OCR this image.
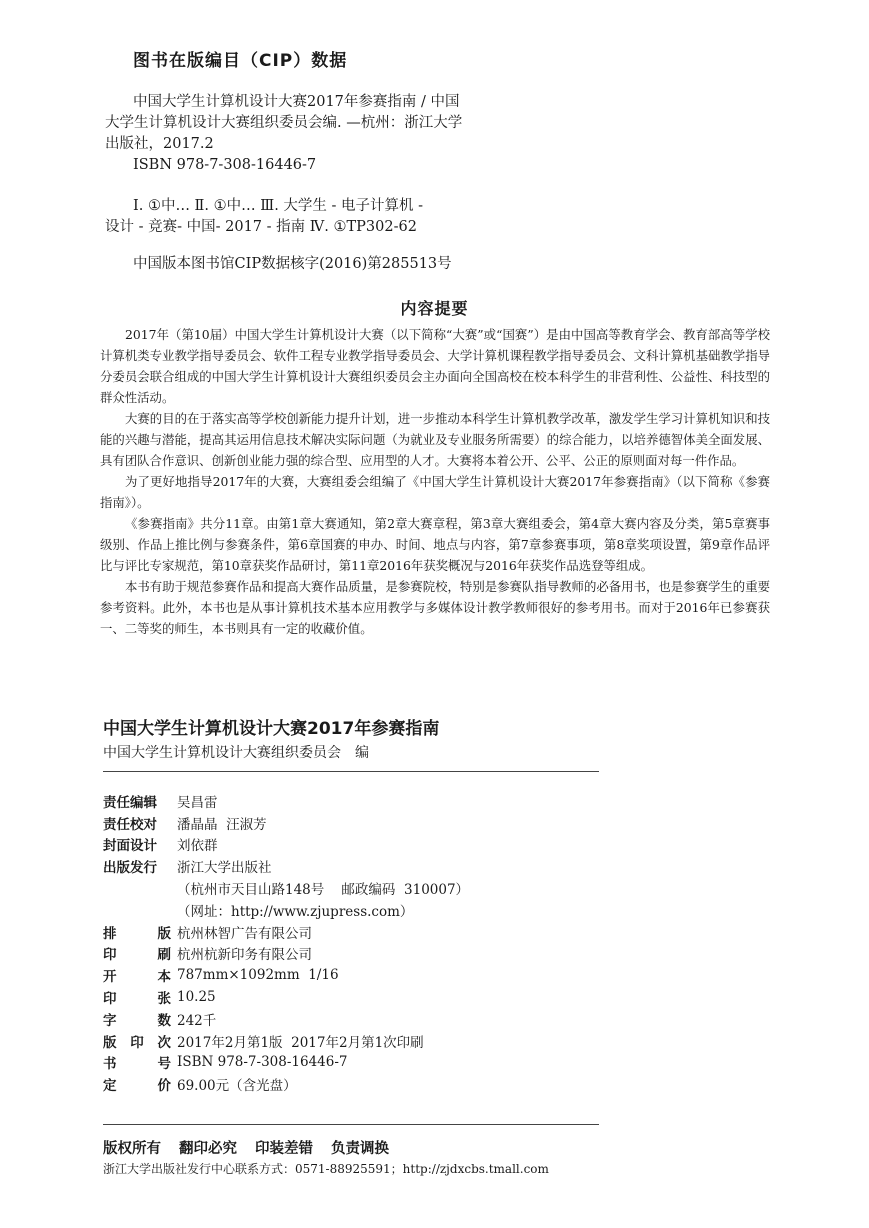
图书在版编目（CIP）数据

中国大学生计算机设计大赛2017年参赛指南 / 中国

大学生计算机设计大赛组织委员会编. —杭州：浙江大学

出版社，2017.2

ISBN 978-7-308-16446-7

Ⅰ. ①中… Ⅱ. ①中… Ⅲ. 大学生 - 电子计算机 -

设计 - 竞赛- 中国- 2017 - 指南 Ⅳ. ①TP302-62

中国版本图书馆CIP数据核字(2016)第285513号
内容提要

2017年（第10届）中国大学生计算机设计大赛（以下简称“大赛”或“国赛”）是由中国高等教育学会、教育部高等学校计算机类专业教学指导委员会、软件工程专业教学指导委员会、大学计算机课程教学指导委员会、文科计算机基础教学指导分委员会联合组成的中国大学生计算机设计大赛组织委员会主办面向全国高校在校本科学生的非营利性、公益性、科技型的群众性活动。

大赛的目的在于落实高等学校创新能力提升计划，进一步推动本科学生计算机教学改革，激发学生学习计算机知识和技能的兴趣与潜能，提高其运用信息技术解决实际问题（为就业及专业服务所需要）的综合能力，以培养德智体美全面发展、具有团队合作意识、创新创业能力强的综合型、应用型的人才。大赛将本着公开、公平、公正的原则面对每一件作品。

为了更好地指导2017年的大赛，大赛组委会组编了《中国大学生计算机设计大赛2017年参赛指南》（以下简称《参赛指南》）。

《参赛指南》共分11章。由第1章大赛通知，第2章大赛章程，第3章大赛组委会，第4章大赛内容及分类，第5章赛事级别、作品上推比例与参赛条件，第6章国赛的申办、时间、地点与内容，第7章参赛事项，第8章奖项设置，第9章作品评比与评比专家规范，第10章获奖作品研讨，第11章2016年获奖概况与2016年获奖作品选登等组成。

本书有助于规范参赛作品和提高大赛作品质量，是参赛院校，特别是参赛队指导教师的必备用书，也是参赛学生的重要参考资料。此外，本书也是从事计算机技术基本应用教学与多媒体设计教学教师很好的参考用书。而对于2016年已参赛获一、二等奖的师生，本书则具有一定的收藏价值。

中国大学生计算机设计大赛2017年参赛指南
中国大学生计算机设计大赛组织委员会 编
责任编辑 吴昌雷
责任校对 潘晶晶  汪淑芳
封面设计 刘依群
出版发行 浙江大学出版社
（杭州市天目山路148号    邮政编码  310007）
（网址：http://www.zjupress.com）
排	版 杭州林智广告有限公司
印	刷 杭州杭新印务有限公司
开	本 787mm×1092mm  1/16
印	张 10.25
字	数 242千
版 印 次 2017年2月第1版  2017年2月第1次印刷
书	号 ISBN 978-7-308-16446-7
定	价 69.00元（含光盘）
版权所有 翻印必究 印装差错 负责调换
浙江大学出版社发行中心联系方式：0571-88925591；http://zjdxcbs.tmall.com
